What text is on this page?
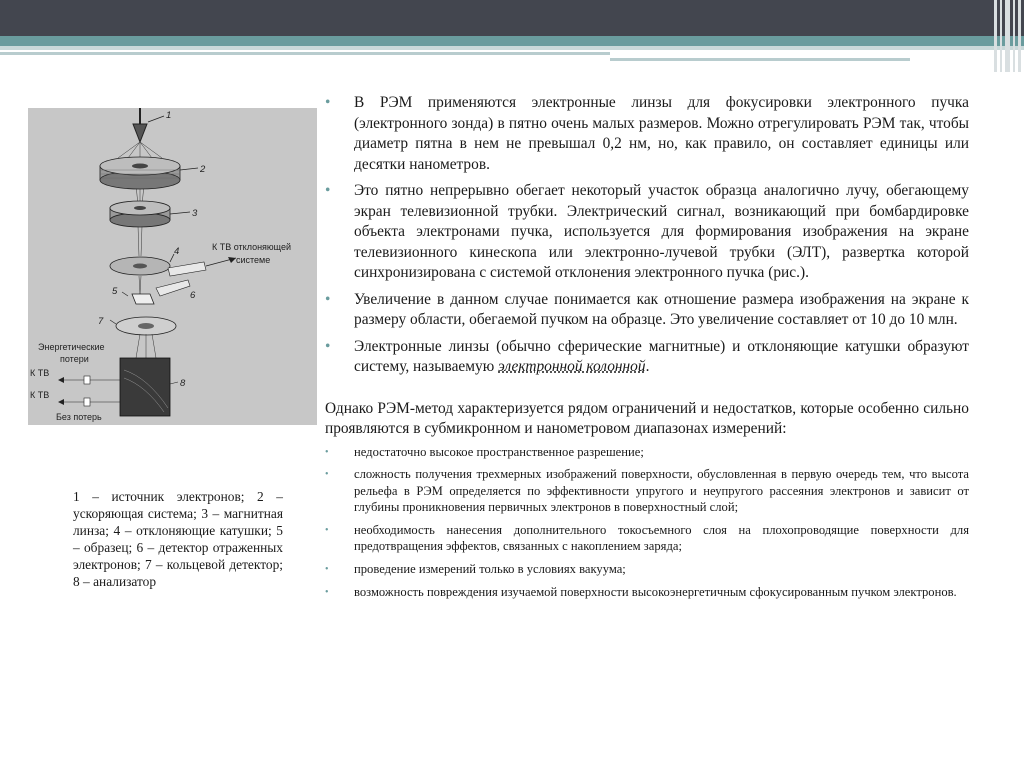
1
2
3
4	К ТВ отклоняющей
системе
5	6
7
Энергетические
потери
8
К ТВ
К ТВ
Без потерь

1 – источник электронов; 2 – ускоряющая система; 3 – магнитная линза; 4 – отклоняющие катушки; 5 – образец; 6 – детектор отраженных электронов; 7 – кольцевой детектор; 8 – анализатор

• В РЭМ применяются электронные линзы для фокусировки электронного пучка (электронного зонда) в пятно очень малых размеров. Можно отрегулировать РЭМ так, чтобы диаметр пятна в нем не превышал 0,2 нм, но, как правило, он составляет единицы или десятки нанометров.
• Это пятно непрерывно обегает некоторый участок образца аналогично лучу, обегающему экран телевизионной трубки. Электрический сигнал, возникающий при бомбардировке объекта электронами пучка, используется для формирования изображения на экране телевизионного кинескопа или электронно-лучевой трубки (ЭЛТ), развертка которой синхронизирована с системой отклонения электронного пучка (рис.).
• Увеличение в данном случае понимается как отношение размера изображения на экране к размеру области, обегаемой пучком на образце. Это увеличение составляет от 10 до 10 млн.
• Электронные линзы (обычно сферические магнитные) и отклоняющие катушки образуют систему, называемую электронной колонной.

Однако РЭМ-метод характеризуется рядом ограничений и недостатков, которые особенно сильно проявляются в субмикронном и нанометровом диапазонах измерений:

• недостаточно высокое пространственное разрешение;
• сложность получения трехмерных изображений поверхности, обусловленная в первую очередь тем, что высота рельефа в РЭМ определяется по эффективности упругого и неупругого рассеяния электронов и зависит от глубины проникновения первичных электронов в поверхностный слой;
• необходимость нанесения дополнительного токосъемного слоя на плохопроводящие поверхности для предотвращения эффектов, связанных с накоплением заряда;
• проведение измерений только в условиях вакуума;
• возможность повреждения изучаемой поверхности высокоэнергетичным сфокусированным пучком электронов.
